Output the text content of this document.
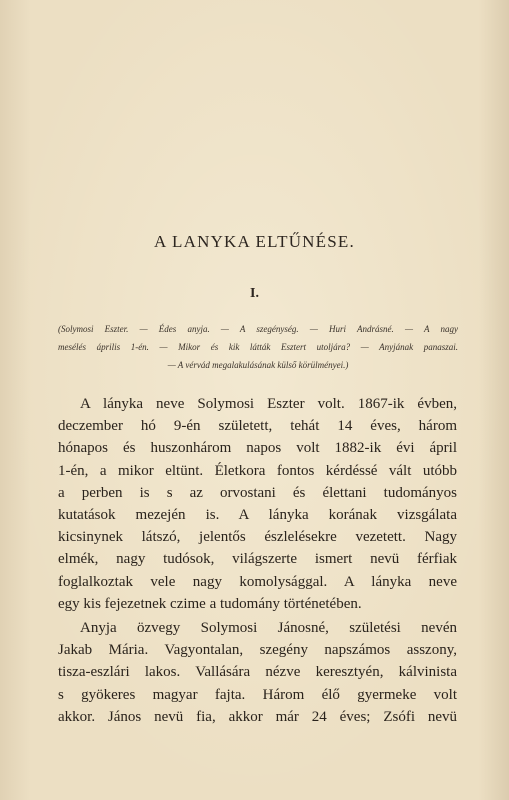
A LANYKA ELTŰNÉSE.
I.
(Solymosi Eszter. — Édes anyja. — A szegénység. — Huri Andrásné. — A nagy
mesélés április 1-én. — Mikor és kik látták Esztert utoljára? — Anyjának panaszai.
— A vérvád megalakulásának külső körülményei.)
A lányka neve Solymosi Eszter volt. 1867-ik évben,
deczember hó 9-én született, tehát 14 éves, három
hónapos és huszonhárom napos volt 1882-ik évi ápril
1-én, a mikor eltünt. Életkora fontos kérdéssé vált utóbb
a perben is s az orvostani és élettani tudományos
kutatások mezején is. A lányka korának vizsgálata
kicsinynek látszó, jelentős észlelésekre vezetett. Nagy
elmék, nagy tudósok, világszerte ismert nevü férfiak
foglalkoztak vele nagy komolysággal. A lányka neve
egy kis fejezetnek czime a tudomány történetében.
Anyja özvegy Solymosi Jánosné, születési nevén
Jakab Mária. Vagyontalan, szegény napszámos asszony,
tisza-eszlári lakos. Vallására nézve keresztyén, kálvinista
s gyökeres magyar fajta. Három élő gyermeke volt
akkor. János nevü fia, akkor már 24 éves; Zsófi nevü
